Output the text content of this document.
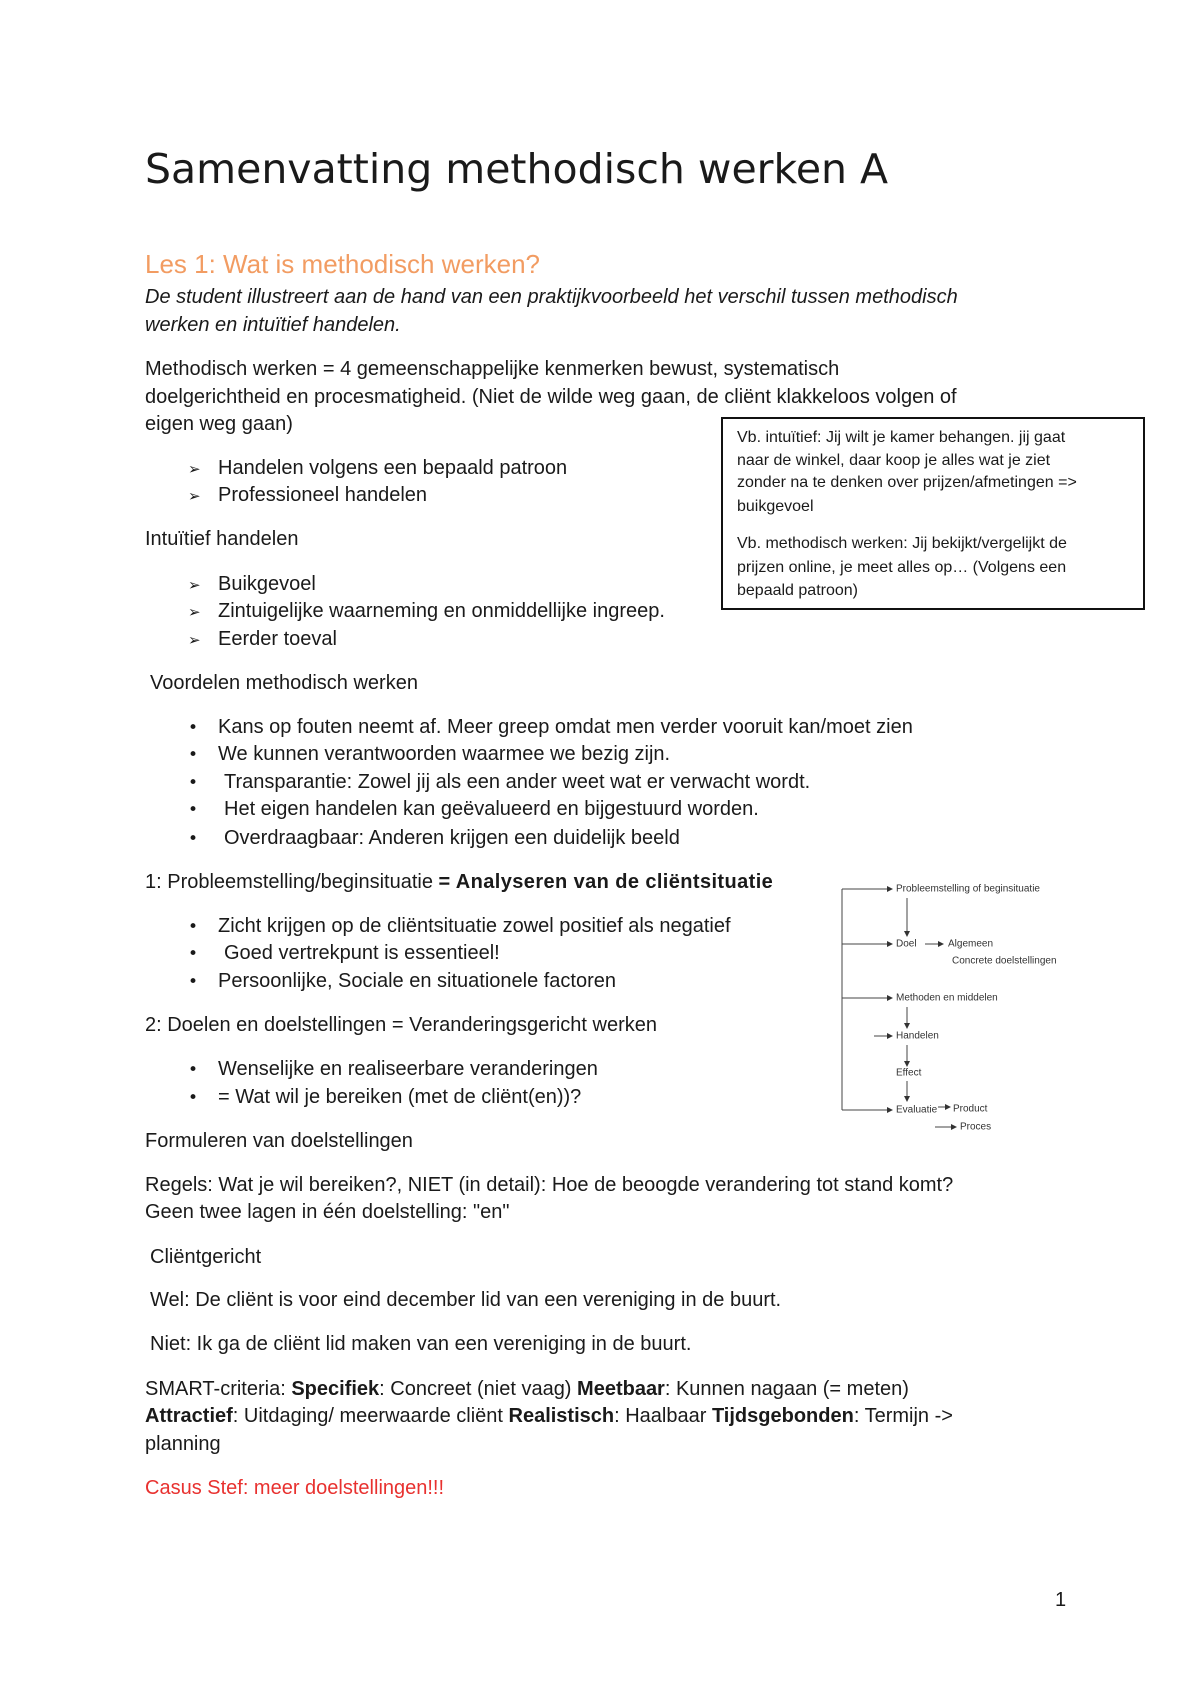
Samenvatting methodisch werken A
Les 1: Wat is methodisch werken?
De student illustreert aan de hand van een praktijkvoorbeeld het verschil tussen methodisch
werken en intuïtief handelen.
Methodisch werken = 4 gemeenschappelijke kenmerken bewust, systematisch
doelgerichtheid en procesmatigheid. (Niet de wilde weg gaan, de cliënt klakkeloos volgen of
eigen weg gaan)
➢ Handelen volgens een bepaald patroon
➢ Professioneel handelen
Intuïtief handelen
➢ Buikgevoel
➢ Zintuigelijke waarneming en onmiddellijke ingreep.
➢ Eerder toeval
Vb. intuïtief: Jij wilt je kamer behangen. jij gaat
naar de winkel, daar koop je alles wat je ziet
zonder na te denken over prijzen/afmetingen =>
buikgevoel
Vb. methodisch werken: Jij bekijkt/vergelijkt de
prijzen online, je meet alles op… (Volgens een
bepaald patroon)
Voordelen methodisch werken
• Kans op fouten neemt af. Meer greep omdat men verder vooruit kan/moet zien
• We kunnen verantwoorden waarmee we bezig zijn.
• Transparantie: Zowel jij als een ander weet wat er verwacht wordt.
• Het eigen handelen kan geëvalueerd en bijgestuurd worden.
• Overdraagbaar: Anderen krijgen een duidelijk beeld
1: Probleemstelling/beginsituatie = Analyseren van de cliëntsituatie
• Zicht krijgen op de cliëntsituatie zowel positief als negatief
• Goed vertrekpunt is essentieel!
• Persoonlijke, Sociale en situationele factoren
Probleemstelling of beginsituatie
Doel	Algemeen
Concrete doelstellingen
Methoden en middelen
Handelen
Effect
Evaluatie Product
Proces
2: Doelen en doelstellingen = Veranderingsgericht werken
• Wenselijke en realiseerbare veranderingen
• = Wat wil je bereiken (met de cliënt(en))?
Formuleren van doelstellingen
Regels: Wat je wil bereiken?, NIET (in detail): Hoe de beoogde verandering tot stand komt?
Geen twee lagen in één doelstelling: "en"
Cliëntgericht
Wel: De cliënt is voor eind december lid van een vereniging in de buurt.
Niet: Ik ga de cliënt lid maken van een vereniging in de buurt.
SMART-criteria: Specifiek: Concreet (niet vaag) Meetbaar: Kunnen nagaan (= meten)
Attractief: Uitdaging/ meerwaarde cliënt Realistisch: Haalbaar Tijdsgebonden: Termijn ->
planning
Casus Stef: meer doelstellingen!!!
1
